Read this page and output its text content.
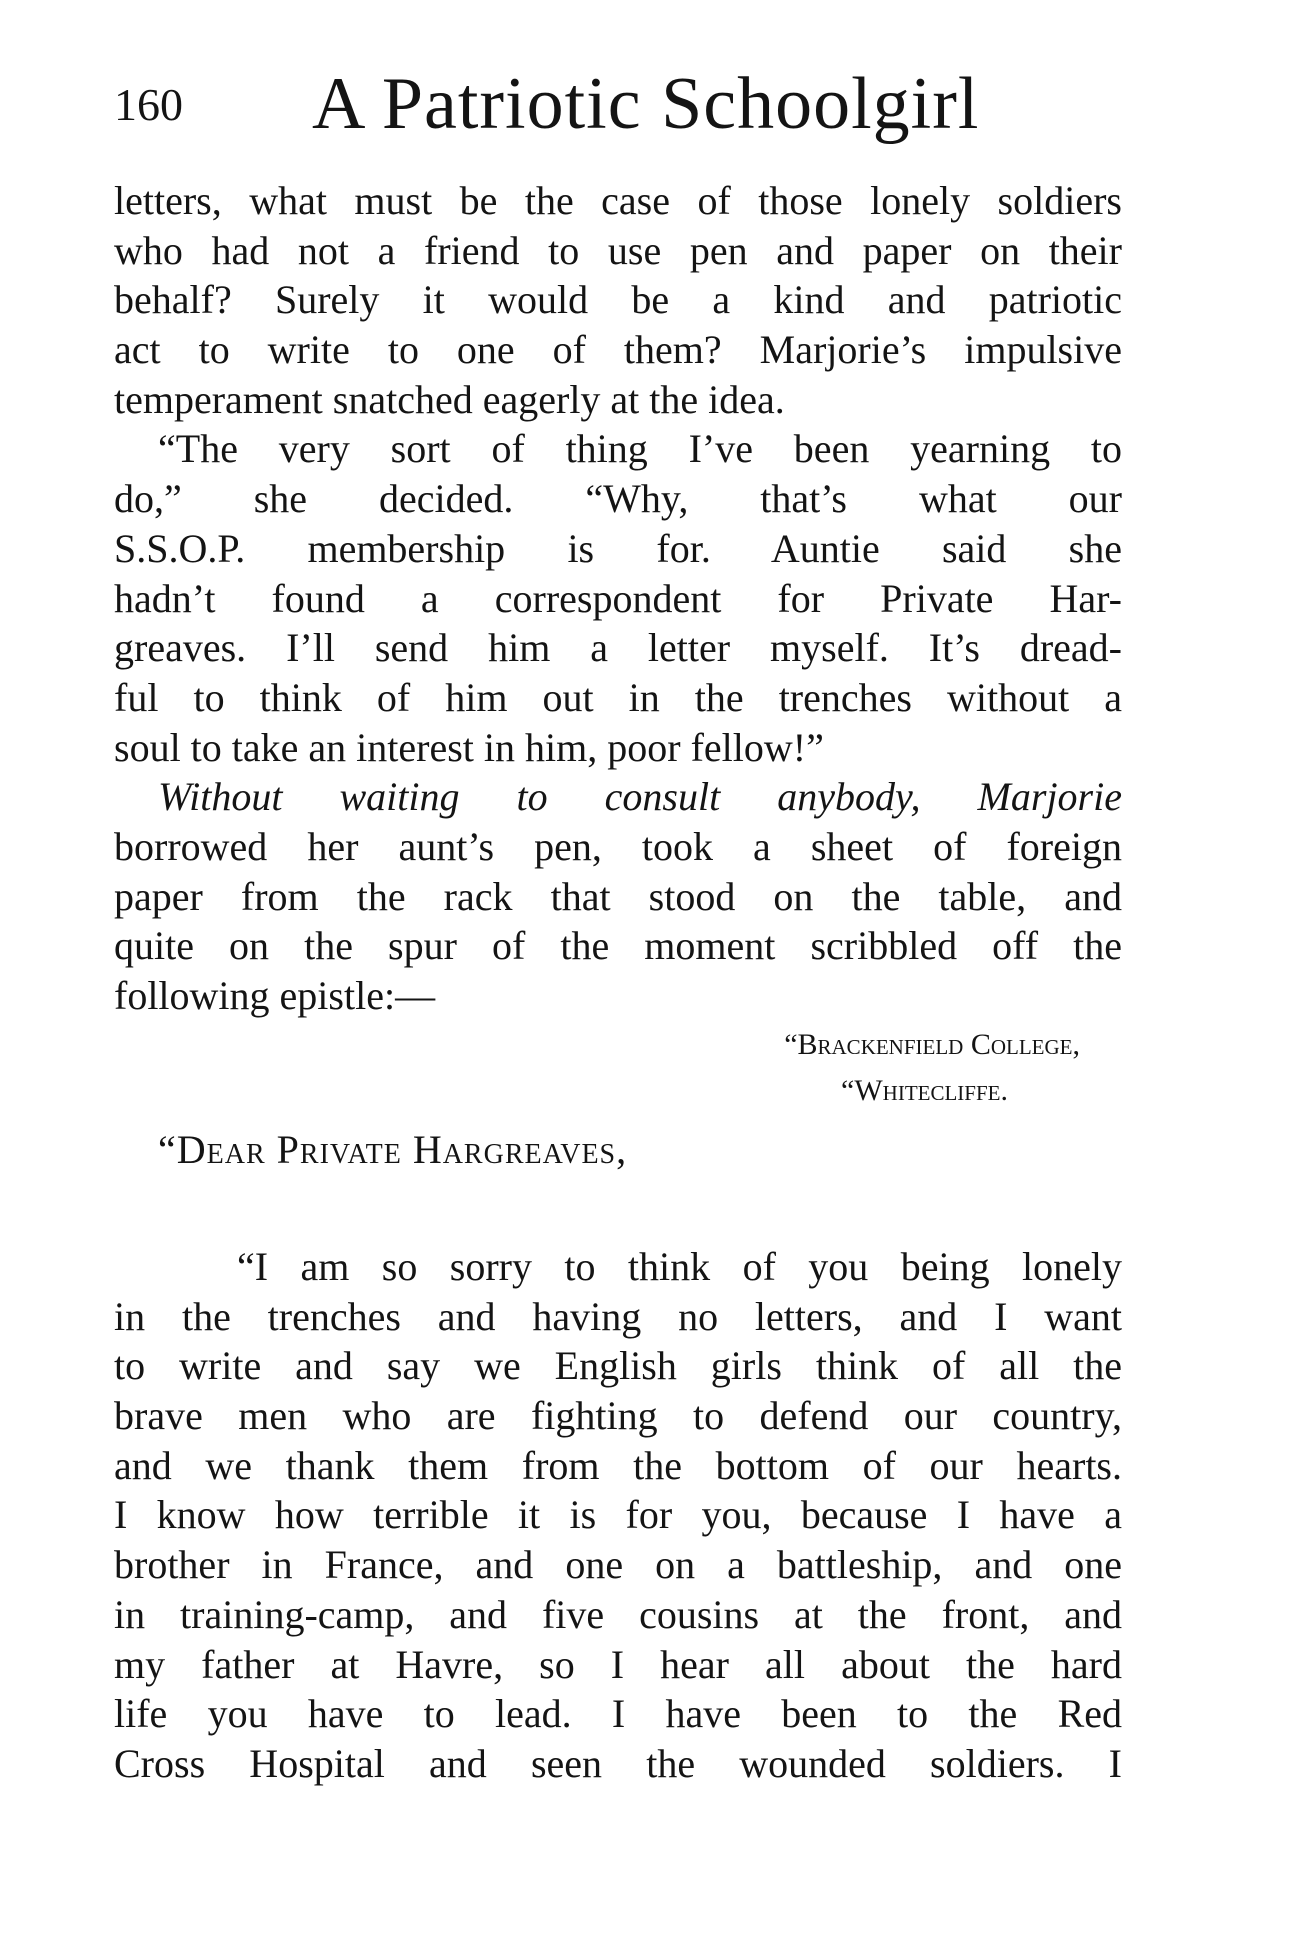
160 A Patriotic Schoolgirl
letters, what must be the case of those lonely soldiers
who had not a friend to use pen and paper on their
behalf? Surely it would be a kind and patriotic
act to write to one of them? Marjorie’s impulsive
temperament snatched eagerly at the idea.
“The very sort of thing I’ve been yearning to
do,” she decided. “Why, that’s what our
S.S.O.P. membership is for. Auntie said she
hadn’t found a correspondent for Private Har-
greaves. I’ll send him a letter myself. It’s dread-
ful to think of him out in the trenches without a
soul to take an interest in him, poor fellow!”
Without waiting to consult anybody, Marjorie
borrowed her aunt’s pen, took a sheet of foreign
paper from the rack that stood on the table, and
quite on the spur of the moment scribbled off the
following epistle:—
“Brackenfield College,
“Whitecliffe.
“Dear Private Hargreaves,
“I am so sorry to think of you being lonely
in the trenches and having no letters, and I want
to write and say we English girls think of all the
brave men who are fighting to defend our country,
and we thank them from the bottom of our hearts.
I know how terrible it is for you, because I have a
brother in France, and one on a battleship, and one
in training-camp, and five cousins at the front, and
my father at Havre, so I hear all about the hard
life you have to lead. I have been to the Red
Cross Hospital and seen the wounded soldiers. I
